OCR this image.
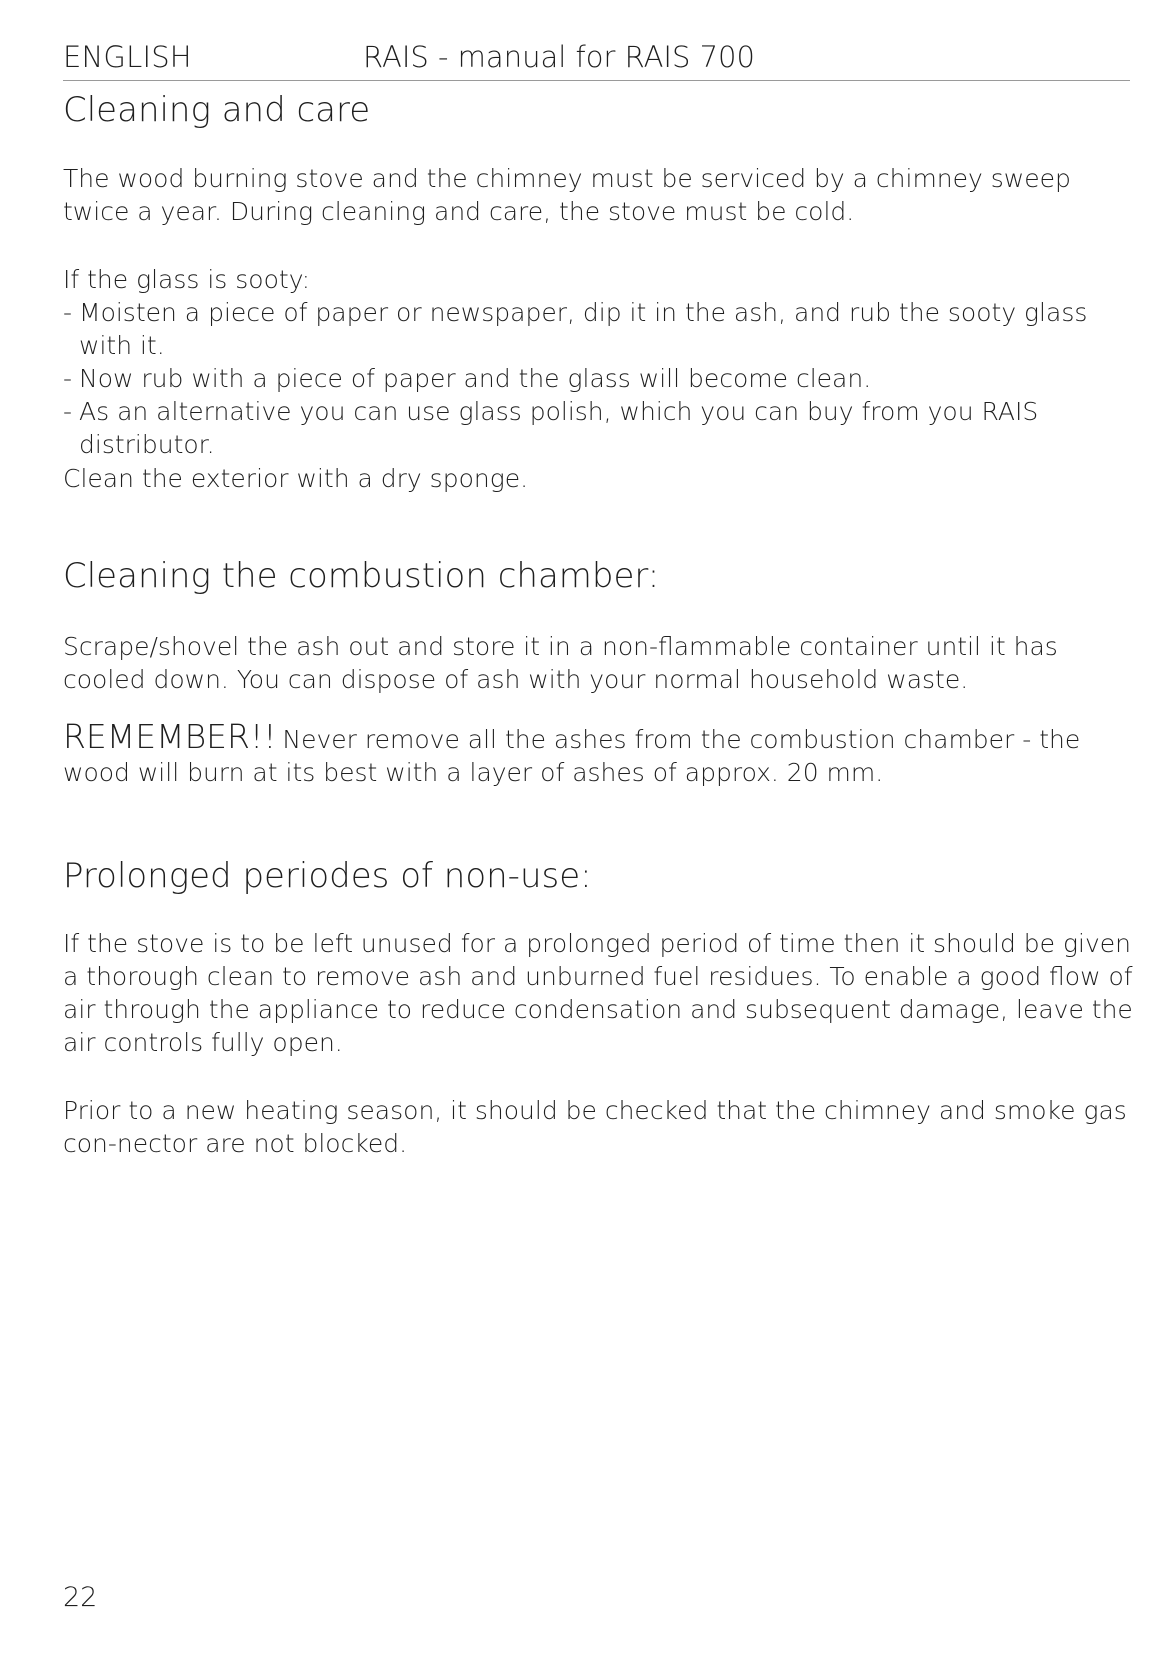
ENGLISH	RAIS - manual for RAIS 700
Cleaning and care

The wood burning stove and the chimney must be serviced by a chimney sweep twice a year. During cleaning and care, the stove must be cold.

If the glass is sooty:

- Moisten a piece of paper or newspaper, dip it in the ash, and rub the sooty glass with it.
- Now rub with a piece of paper and the glass will become clean.
- As an alternative you can use glass polish, which you can buy from you RAIS distributor.

Clean the exterior with a dry sponge.

Cleaning the combustion chamber:

Scrape/shovel the ash out and store it in a non-flammable container until it has cooled down. You can dispose of ash with your normal household waste.

REMEMBER!! Never remove all the ashes from the combustion chamber - the wood will burn at its best with a layer of ashes of approx. 20 mm.

Prolonged periodes of non-use:

If the stove is to be left unused for a prolonged period of time then it should be given a thorough clean to remove ash and unburned fuel residues. To enable a good flow of air through the appliance to reduce condensation and subsequent damage, leave the air controls fully open.

Prior to a new heating season, it should be checked that the chimney and smoke gas con-nector are not blocked.

22
